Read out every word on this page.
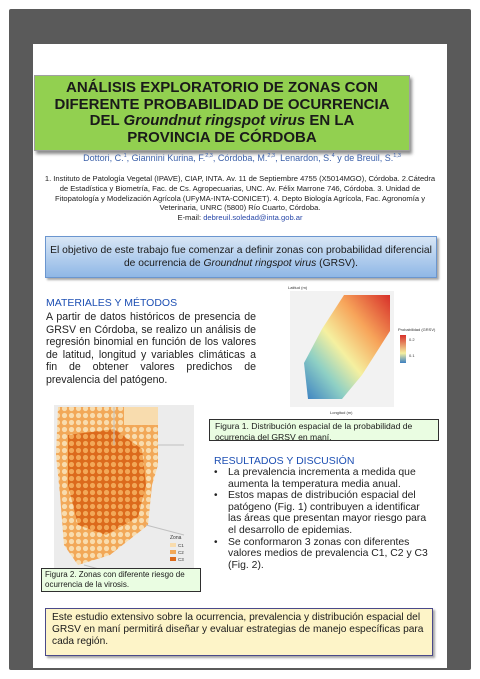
ANÁLISIS EXPLORATORIO DE ZONAS CON
DIFERENTE PROBABILIDAD DE OCURRENCIA
DEL Groundnut ringspot virus EN LA
PROVINCIA DE CÓRDOBA
Dottori, C.$^1$, Giannini Kurina, F.$^{2,3}$, Córdoba, M.$^{2,3}$, Lenardon, S.$^4$ y de Breuil, S.$^{1,3}$
1. Instituto de Patología Vegetal (IPAVE), CIAP, INTA. Av. 11 de Septiembre 4755 (X5014MGO), Córdoba. 2.Cátedra de Estadística y Biometría, Fac. de Cs. Agropecuarias, UNC. Av. Félix Marrone 746, Córdoba. 3. Unidad de Fitopatología y Modelización Agrícola (UFyMA-INTA-CONICET). 4. Depto Biología Agrícola, Fac. Agronomía y Veterinaria, UNRC (5800) Río Cuarto, Córdoba.
E-mail: debreuil.soledad@inta.gob.ar
El objetivo de este trabajo fue comenzar a definir zonas con probabilidad diferencial de ocurrencia de Groundnut ringspot virus (GRSV).
MATERIALES Y MÉTODOS
A partir de datos históricos de presencia de GRSV en Córdoba, se realizo un análisis de regresión binomial en función de los valores de latitud, longitud y variables climáticas a fin de obtener valores predichos de prevalencia del patógeno.
Latitud (m)
Longitud (m)
Probabilidad (GRSV)
0.2
0.1
Figura 1. Distribución espacial de la probabilidad de ocurrencia del GRSV en maní.
Zona
C1
C2
C3
Figura 2. Zonas con diferente riesgo de ocurrencia de la virosis.
RESULTADOS Y DISCUSIÓN
• La prevalencia incrementa a medida que aumenta la temperatura media anual.
• Estos mapas de distribución espacial del patógeno (Fig. 1) contribuyen a identificar las áreas que presentan mayor riesgo para el desarrollo de epidemias.
• Se conformaron 3 zonas con diferentes valores medios de prevalencia C1, C2 y C3 (Fig. 2).
Este estudio extensivo sobre la ocurrencia, prevalencia y distribución espacial del GRSV en maní permitirá diseñar y evaluar estrategias de manejo específicas para cada región.
